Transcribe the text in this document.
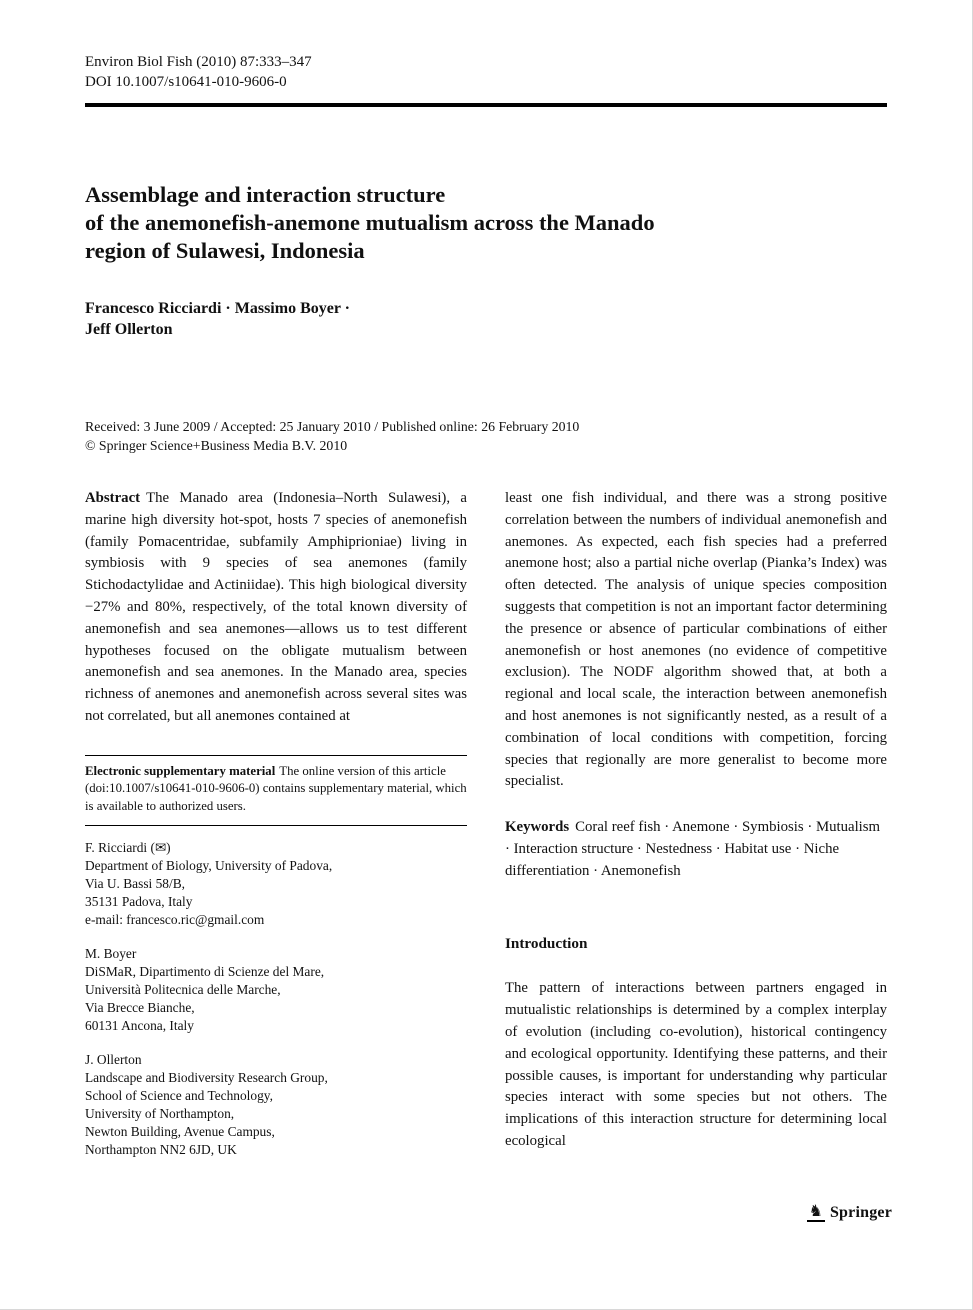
Environ Biol Fish (2010) 87:333–347
DOI 10.1007/s10641-010-9606-0
Assemblage and interaction structure
of the anemonefish-anemone mutualism across the Manado
region of Sulawesi, Indonesia
Francesco Ricciardi · Massimo Boyer ·
Jeff Ollerton
Received: 3 June 2009 / Accepted: 25 January 2010 / Published online: 26 February 2010
© Springer Science+Business Media B.V. 2010

Abstract The Manado area (Indonesia–North Sulawesi), a marine high diversity hot-spot, hosts 7 species of anemonefish (family Pomacentridae, subfamily Amphiprioniae) living in symbiosis with 9 species of sea anemones (family Stichodactylidae and Actiniidae). This high biological diversity −27% and 80%, respectively, of the total known diversity of anemonefish and sea anemones—allows us to test different hypotheses focused on the obligate mutualism between anemonefish and sea anemones. In the Manado area, species richness of anemones and anemonefish across several sites was not correlated, but all anemones contained at

Electronic supplementary material The online version of this article (doi:10.1007/s10641-010-9606-0) contains supplementary material, which is available to authorized users.
F. Ricciardi (✉)
Department of Biology, University of Padova,
Via U. Bassi 58/B,
35131 Padova, Italy
e-mail: francesco.ric@gmail.com
M. Boyer
DiSMaR, Dipartimento di Scienze del Mare,
Università Politecnica delle Marche,
Via Brecce Bianche,
60131 Ancona, Italy
J. Ollerton
Landscape and Biodiversity Research Group,
School of Science and Technology,
University of Northampton,
Newton Building, Avenue Campus,
Northampton NN2 6JD, UK

least one fish individual, and there was a strong positive correlation between the numbers of individual anemonefish and anemones. As expected, each fish species had a preferred anemone host; also a partial niche overlap (Pianka’s Index) was often detected. The analysis of unique species composition suggests that competition is not an important factor determining the presence or absence of particular combinations of either anemonefish or host anemones (no evidence of competitive exclusion). The NODF algorithm showed that, at both a regional and local scale, the interaction between anemonefish and host anemones is not significantly nested, as a result of a combination of local conditions with competition, forcing species that regionally are more generalist to become more specialist.

Keywords Coral reef fish · Anemone · Symbiosis · Mutualism · Interaction structure · Nestedness · Habitat use · Niche differentiation · Anemonefish

Introduction

The pattern of interactions between partners engaged in mutualistic relationships is determined by a complex interplay of evolution (including co-evolution), historical contingency and ecological opportunity. Identifying these patterns, and their possible causes, is important for understanding why particular species interact with some species but not others. The implications of this interaction structure for determining local ecological

♞ Springer
